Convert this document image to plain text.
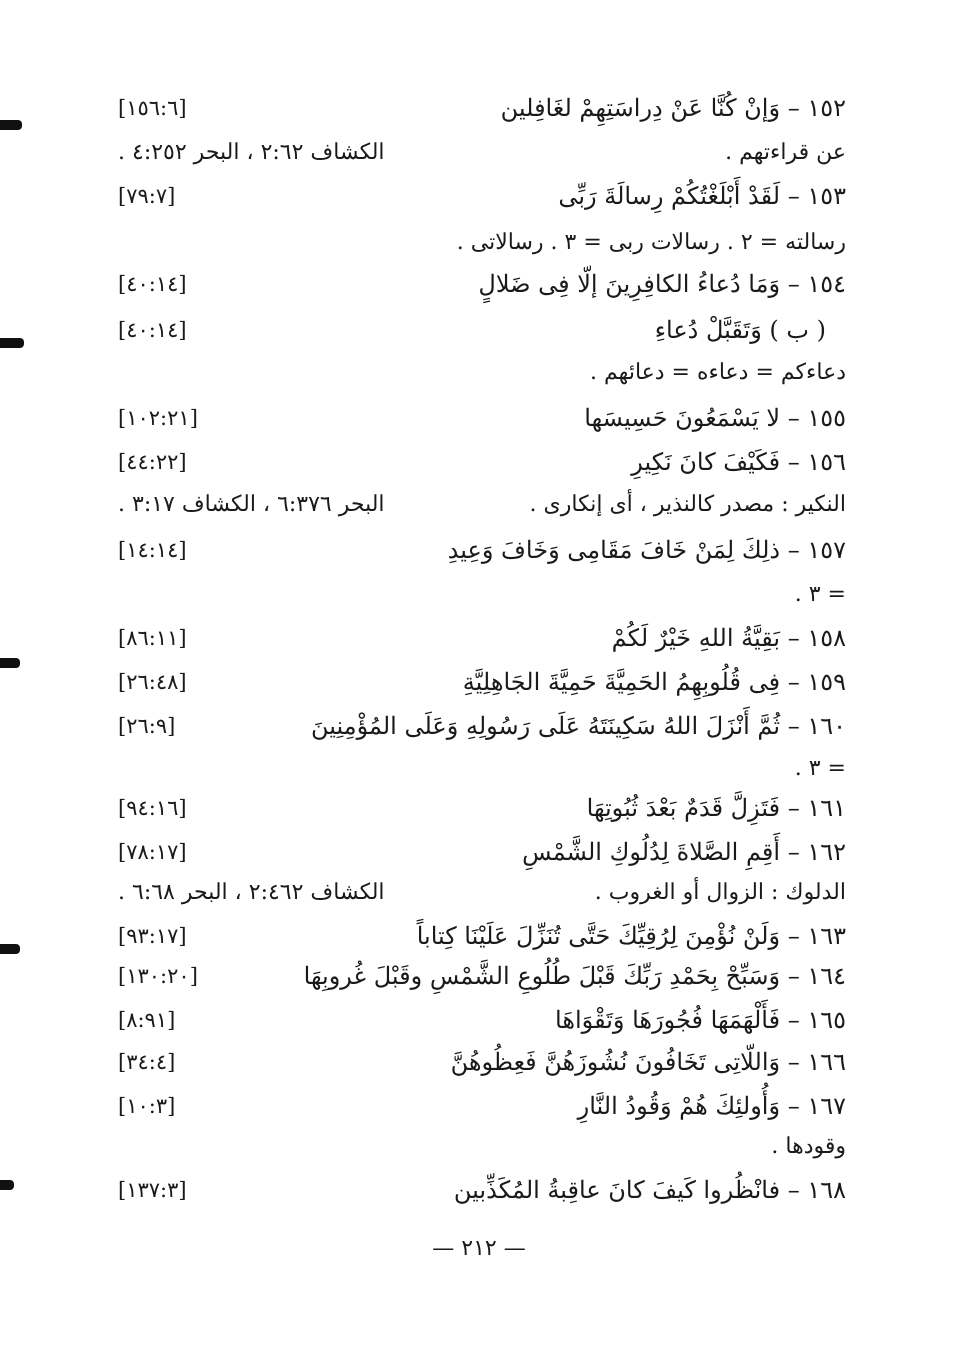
[١٥٦:٦]	١٥٢ – وَإنْ كُنَّا عَنْ دِراسَتِهِمْ لغَافِلين
عن قراءتهم .
الكشاف ٢:٦٢ ، البحر ٤:٢٥٢ .
[٧٩:٧]	١٥٣ – لَقَدْ أَبْلَغْتُكُمْ رِسالَةَ رَبِّى
رسالته = ٢ . رسالات ربى = ٣ . رسالاتى .
[٤٠:١٤]	١٥٤ – وَمَا دُعاءُ الكافِرِينَ إلّا فِى ضَلالٍ
[٤٠:١٤]	( ب ) وَتَقَبَّلْ دُعاءِ
دعاءكم = دعاءه = دعائهم .
[١٠٢:٢١]	١٥٥ – لا يَسْمَعُونَ حَسِيسَها
[٤٤:٢٢]	١٥٦ – فَكَيْفَ كانَ نَكِيرِ
النكير : مصدر كالنذير ، أى إنكارى .
البحر ٦:٣٧٦ ، الكشاف ٣:١٧ .
[١٤:١٤]	١٥٧ – ذلِكَ لِمَنْ خَافَ مَقَامِى وَخَافَ وَعِيدِ
= ٣ .
[٨٦:١١]	١٥٨ – بَقِيَّةُ اللهِ خَيْرٌ لَكُمْ
[٢٦:٤٨]	١٥٩ – فِى قُلُوبِهِمُ الحَمِيَّةَ حَمِيَّةَ الجَاهِلِيَّةِ
[٢٦:٩]	١٦٠ – ثُمَّ أَنْزَلَ اللهُ سَكِينَتَهُ عَلَى رَسُولِهِ وَعَلَى المُؤْمِنِينَ
= ٣ .
[٩٤:١٦]	١٦١ – فَتَزِلَّ قَدَمٌ بَعْدَ ثُبُوتِهَا
[٧٨:١٧]	١٦٢ – أَقِمِ الصَّلاةَ لِدُلُوكِ الشَّمْسِ
الدلوك : الزوال أو الغروب .
الكشاف ٢:٤٦٢ ، البحر ٦:٦٨ .
[٩٣:١٧]	١٦٣ – وَلَنْ نُؤْمِنَ لِرُقِيِّكَ حَتَّى تُنَزِّلَ عَلَيْنَا كِتاباً
[١٣٠:٢٠]	١٦٤ – وَسَبِّحْ بِحَمْدِ رَبِّكَ قَبْلَ طُلُوعِ الشَّمْسِ وقَبْلَ غُروبِهَا
[٨:٩١]	١٦٥ – فَأَلْهَمَهَا فُجُورَهَا وَتَقْوَاهَا
[٣٤:٤]	١٦٦ – وَاللّاتِى تَخَافُونَ نُشُوزَهُنَّ فَعِظُوهُنَّ
[١٠:٣]	١٦٧ – وَأُولئِكَ هُمْ وَقُودُ النَّارِ
وقودها .
[١٣٧:٣]	١٦٨ – فانْظُروا كَيفَ كانَ عاقِبةُ المُكَذِّبين
— ٢١٢ —
